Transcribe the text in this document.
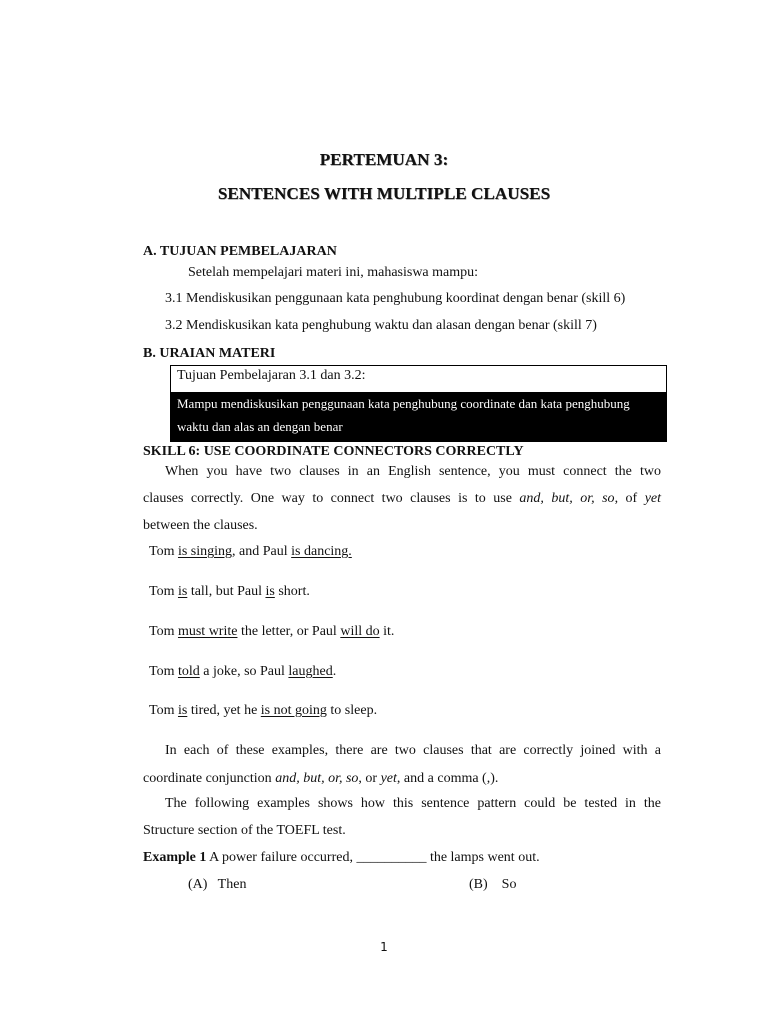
PERTEMUAN 3:
SENTENCES WITH MULTIPLE CLAUSES
A. TUJUAN PEMBELAJARAN
Setelah mempelajari materi ini, mahasiswa mampu:
3.1 Mendiskusikan penggunaan kata penghubung koordinat dengan benar (skill 6)
3.2 Mendiskusikan kata penghubung waktu dan alasan dengan benar (skill 7)
B. URAIAN MATERI
Tujuan Pembelajaran 3.1 dan 3.2:
Mampu mendiskusikan penggunaan kata penghubung coordinate dan kata penghubung
waktu dan alas an dengan benar
SKILL 6: USE COORDINATE CONNECTORS CORRECTLY
When you have two clauses in an English sentence, you must connect the two
clauses correctly. One way to connect two clauses is to use and, but, or, so, of yet
between the clauses.
Tom is singing, and Paul is dancing.
Tom is tall, but Paul is short.
Tom must write the letter, or Paul will do it.
Tom told a joke, so Paul laughed.
Tom is tired, yet he is not going to sleep.
In each of these examples, there are two clauses that are correctly joined with a
coordinate conjunction and, but, or, so, or yet, and a comma (,).
The following examples shows how this sentence pattern could be tested in the
Structure section of the TOEFL test.
Example 1 A power failure occurred, __________ the lamps went out.
(A)   Then	(B)    So
1
